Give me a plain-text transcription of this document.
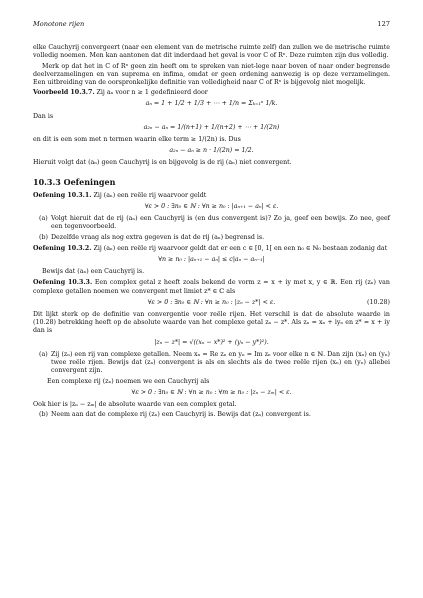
Monotone rijen	127

elke Cauchyrij convergeert (naar een element van de metrische ruimte zelf) dan zullen we de metrische ruimte volledig noemen. Men kan aantonen dat dit inderdaad het geval is voor C of Rⁿ. Deze ruimten zijn dus volledig.

Merk op dat het in C of Rⁿ geen zin heeft om te spreken van niet-lege naar boven of naar onder begrensde deelverzamelingen en van suprema en infima, omdat er geen ordening aanwezig is op deze verzamelingen. Een uitbreiding van de oorspronkelijke definitie van volledigheid naar C of Rⁿ is bijgevolg niet mogelijk.

Voorbeeld 10.3.7. Zij aₙ voor n ≥ 1 gedefinieerd door

aₙ = 1 + 1/2 + 1/3 + ⋯ + 1/n = Σₖ₌₁ⁿ 1/k.

Dan is

a₂ₙ − aₙ = 1/(n+1) + 1/(n+2) + ⋯ + 1/(2n)

en dit is een som met n termen waarin elke term ≥ 1/(2n) is. Dus

a₂ₙ − aₙ ≥ n · 1/(2n) = 1/2.

Hieruit volgt dat (aₙ) geen Cauchyrij is en bijgevolg is de rij (aₙ) niet convergent.

10.3.3 Oefeningen

Oefening 10.3.1. Zij (aₙ) een reële rij waarvoor geldt

∀ε > 0 : ∃n₀ ∈ ℕ : ∀n ≥ n₀ : |aₙ₊₁ − aₙ| < ε.
(a) Volgt hieruit dat de rij (aₙ) een Cauchyrij is (en dus convergent is)? Zo ja, geef een bewijs. Zo nee, geef een tegenvoorbeeld.
(b) Dezelfde vraag als nog extra gegeven is dat de rij (aₙ) begrensd is.

Oefening 10.3.2. Zij (aₙ) een reële rij waarvoor geldt dat er een c ∈ [0, 1[ en een n₀ ∈ ℕ₀ bestaan zodanig dat

∀n ≥ n₀ : |aₙ₊₁ − aₙ| ≤ c|aₙ − aₙ₋₁|

Bewijs dat (aₙ) een Cauchyrij is.

Oefening 10.3.3. Een complex getal z heeft zoals bekend de vorm z = x + iy met x, y ∈ ℝ. Een rij (zₙ) van complexe getallen noemen we convergent met limiet z* ∈ ℂ als

∀ε > 0 : ∃n₀ ∈ ℕ : ∀n ≥ n₀ : |zₙ − z*| < ε.	(10.28)

Dit lijkt sterk op de definitie van convergentie voor reële rijen. Het verschil is dat de absolute waarde in (10.28) betrekking heeft op de absolute waarde van het complexe getal zₙ − z*. Als zₙ = xₙ + iyₙ en z* = x + iy dan is

|zₙ − z*| = √((xₙ − x*)² + (yₙ − y*)²).
(a) Zij (zₙ) een rij van complexe getallen. Neem xₙ = Re zₙ en yₙ = Im zₙ voor elke n ∈ ℕ. Dan zijn (xₙ) en (yₙ) twee reële rijen. Bewijs dat (zₙ) convergent is als en slechts als de twee reële rijen (xₙ) en (yₙ) allebei convergent zijn.

Een complexe rij (zₙ) noemen we een Cauchyrij als

∀ε > 0 : ∃n₀ ∈ ℕ : ∀n ≥ n₀ : ∀m ≥ n₀ : |zₙ − zₘ| < ε.

Ook hier is |zₙ − zₘ| de absolute waarde van een complex getal.

(b) Neem aan dat de complexe rij (zₙ) een Cauchyrij is. Bewijs dat (zₙ) convergent is.
